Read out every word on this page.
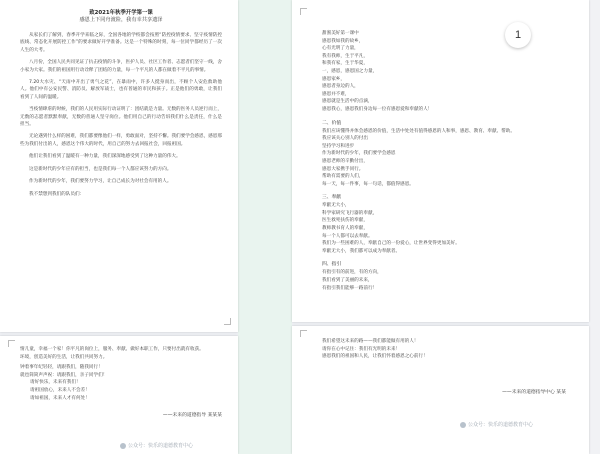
致2021年秋季开学第一课
感恩上下同舟渡险，我有幸共享遗泽

从家长们了解到，春季开学来临之际，全国各地的学校都会按照“防控疫情要求、坚守疫情防控底线、常态化开展防控工作”的要求做好开学准备。这是一个特殊的时刻，每一位同学都经历了一次人生的大考。

八月份，全国人民共同见证了抗击疫情的斗争，医护人员、社区工作者、志愿者们坚守一线，舍小家为大家。我们的祖国用行动诠释了团结的力量，每一个平凡的人都在做着不平凡的事情。

7.20大水灾、“天雨中开出了勇气之花”，在暴雨中，许多人挺身而出，不顾个人安危救助他人。他们中有公安民警、消防员、解放军战士，也有普通的市民和孩子。正是他们的勇敢，让我们看到了人间的温暖。

当疫情肆虐的时候，我们的人民用实际行动证明了：团结就是力量。无数的医务人员逆行而上，无数的志愿者默默奉献，无数的普通人坚守岗位。他们用自己的行动告诉我们什么是责任，什么是担当。

无论遇到什么样的困难，我们都要像他们一样，勇敢面对，坚持不懈。我们要学会感恩，感恩那些为我们付出的人，感恩这个伟大的时代，用自己的努力去回报社会，回报祖国。

他们让我们看到了温暖有一种力量，我们深深地感受到了这种力量的伟大。

这是新时代的少年应有的担当，也是我们每一个人都应该努力的方向。

作为新时代的少年，我们要努力学习，让自己成长为对社会有用的人。

我不禁想到我们的队员们：

情儿童，幸福一个家！你平凡的岗位上，服务、奉献、做好本职工作，只要付出就有收获。
环境，创造美好的生活，让我们共同努力。
钟着事年纪轻轻，请跟我们，随我同行！
就也简简声声祝：请跟我们，亲子同学们！
请好快乐，未来有我们！
请祖国放心，未来人不会差！
请如祖国，未来人才有何处！
——未来的道德指导 某某某
公众号：快乐的道德教育中心
甜蜜美好第一课中
感恩我如我的故乡，
心有光明了力量，
我有我师，生于平凡，
和我有家，生于华夏，
一，感恩，感恩国之力量，
感恩家乡，
感恩者身边的人，
感恩并不难，
感恩就是生活中的点滴，
感恩我心，感恩我们身边每一位有感恩爱和奉献的人！
二、价值
我们应该懂得并体会感恩的价值，生活中处处有值得感恩的人和事，感恩、教育、奉献、帮助。
我应该关心别人的付出
坚持学习和进步
作为新时代的少年，我们要学会感恩
感恩老师的辛勤付出，
感恩大家携手同行。
帮助有需要的人们，
每一天，每一件事，每一句话，都值得感恩。
三、奉献
奉献无大小，
科学家研究飞行器的奉献，
医生救死扶伤的奉献，
教师教书育人的奉献，
每一个人都可以去奉献。
我们为一些困难的人，奉献自己的一份爱心，让世界变得更加美好。
奉献无大小，我们都可以成为奉献者。
四、指引
有指引有的前进，有的方向，
我们看到了美丽的未来，
有指引我们能够一路前行！
我们希望这未来的路——我们都能做有用的人！
请你在心中记住：我们有光明的未来！
感恩我们的祖国和人民，让我们怀着感恩之心前行！
——未来的道德指导中心 某某
公众号：快乐的道德教育中心
1
